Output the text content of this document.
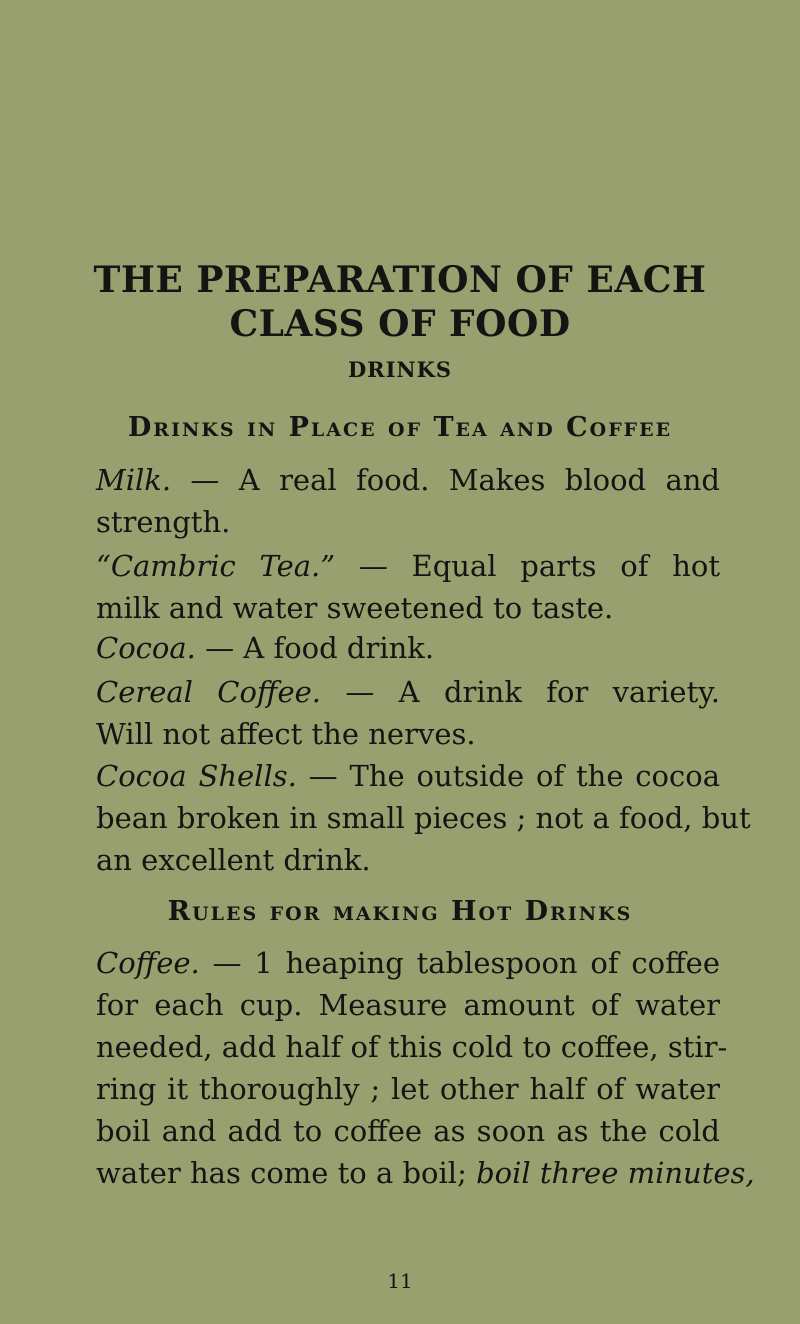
THE PREPARATION OF EACH CLASS OF FOOD
DRINKS
Drinks in Place of Tea and Coffee

Milk. — A real food. Makes blood and
strength.

“Cambric Tea.” — Equal parts of hot
milk and water sweetened to taste.

Cocoa. — A food drink.

Cereal Coffee. — A drink for variety.
Will not affect the nerves.

Cocoa Shells. — The outside of the cocoa
bean broken in small pieces ; not a food, but
an excellent drink.

Rules for making Hot Drinks

Coffee. — 1 heaping tablespoon of coffee
for each cup. Measure amount of water
needed, add half of this cold to coffee, stir-
ring it thoroughly ; let other half of water
boil and add to coffee as soon as the cold
water has come to a boil; boil three minutes,

11
